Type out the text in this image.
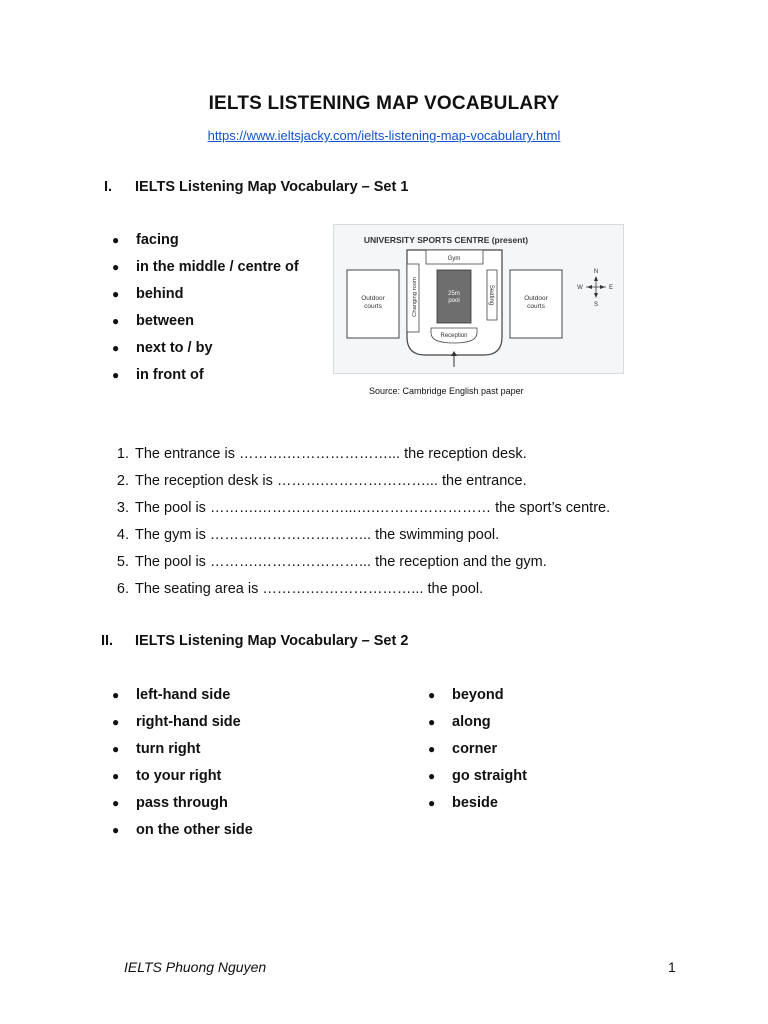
IELTS LISTENING MAP VOCABULARY
https://www.ieltsjacky.com/ielts-listening-map-vocabulary.html
I. IELTS Listening Map Vocabulary – Set 1
● facing
● in the middle / centre of
● behind
● between
● next to / by
● in front of
UNIVERSITY SPORTS CENTRE (present)
Outdoor
courts
Outdoor
courts
Gym
Changing room	Seating
25m
pool
Reception
N
S
W	E
Source: Cambridge English past paper
1. The entrance is ……….…………………... the reception desk.
2. The reception desk is ……….…………………... the entrance.
3. The pool is ……….………………...….…………………… the sport’s centre.
4. The gym is ……….…………………... the swimming pool.
5. The pool is ……….…………………... the reception and the gym.
6. The seating area is ……….…………………... the pool.
II. IELTS Listening Map Vocabulary – Set 2
● left-hand side
● right-hand side
● turn right
● to your right
● pass through
● on the other side
● beyond
● along
● corner
● go straight
● beside
IELTS Phuong Nguyen	1
